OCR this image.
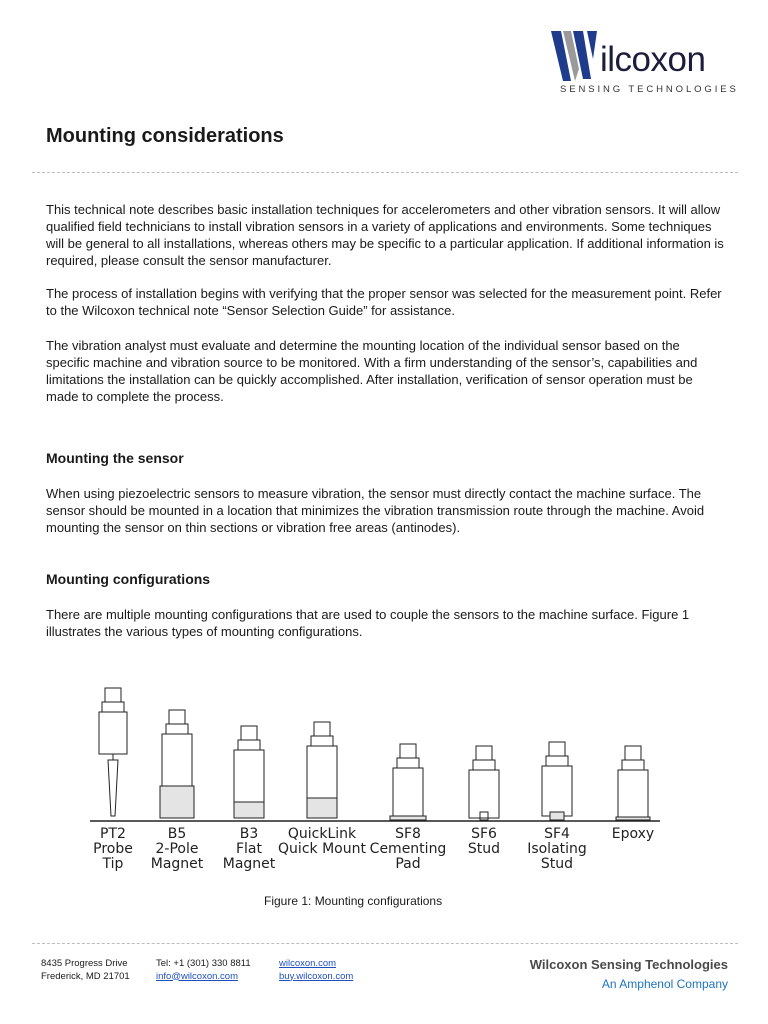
ilcoxon
SENSING TECHNOLOGIES
Mounting considerations

This technical note describes basic installation techniques for accelerometers and other vibration sensors. It will allow qualified field technicians to install vibration sensors in a variety of applications and environments. Some techniques will be general to all installations, whereas others may be specific to a particular application. If additional information is required, please consult the sensor manufacturer.

The process of installation begins with verifying that the proper sensor was selected for the measurement point. Refer to the Wilcoxon technical note “Sensor Selection Guide” for assistance.

The vibration analyst must evaluate and determine the mounting location of the individual sensor based on the specific machine and vibration source to be monitored. With a firm understanding of the sensor’s, capabilities and limitations the installation can be quickly accomplished. After installation, verification of sensor operation must be made to complete the process.

Mounting the sensor

When using piezoelectric sensors to measure vibration, the sensor must directly contact the machine surface. The sensor should be mounted in a location that minimizes the vibration transmission route through the machine. Avoid mounting the sensor on thin sections or vibration free areas (antinodes).

Mounting configurations

There are multiple mounting configurations that are used to couple the sensors to the machine surface. Figure 1 illustrates the various types of mounting configurations.

PT2
Probe
Tip
B5
2-Pole
Magnet
B3
Flat
Magnet
QuickLink
Quick Mount
SF8
Cementing
Pad
SF6
Stud
SF4
Isolating
Stud
Epoxy
Figure 1: Mounting configurations
8435 Progress Drive
Frederick, MD 21701
Tel: +1 (301) 330 8811
info@wilcoxon.com
wilcoxon.com
buy.wilcoxon.com
Wilcoxon Sensing Technologies
An Amphenol Company
